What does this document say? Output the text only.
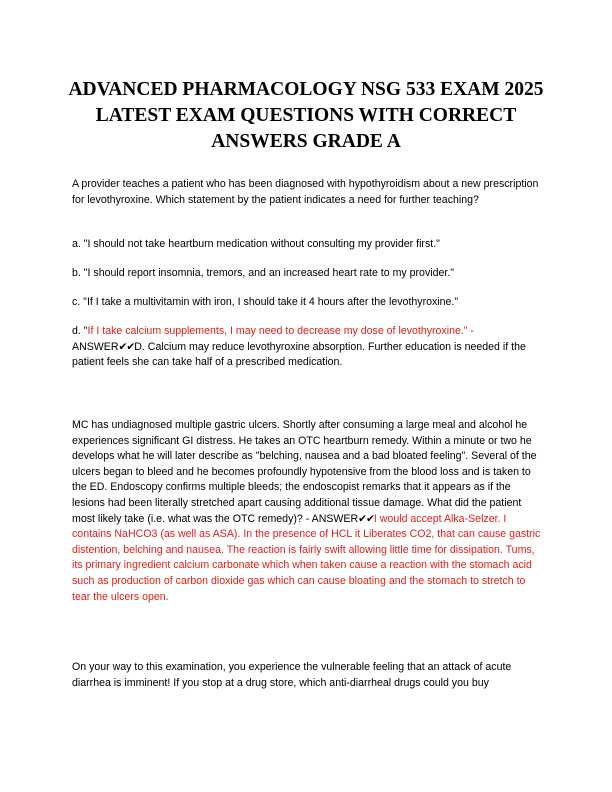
ADVANCED PHARMACOLOGY NSG 533 EXAM 2025 LATEST EXAM QUESTIONS WITH CORRECT ANSWERS GRADE A

A provider teaches a patient who has been diagnosed with hypothyroidism about a new prescription for levothyroxine. Which statement by the patient indicates a need for further teaching?

a. "I should not take heartburn medication without consulting my provider first."

b. "I should report insomnia, tremors, and an increased heart rate to my provider."

c. "If I take a multivitamin with iron, I should take it 4 hours after the levothyroxine."

d. "If I take calcium supplements, I may need to decrease my dose of levothyroxine." -
ANSWER✔✔D. Calcium may reduce levothyroxine absorption. Further education is needed if the patient feels she can take half of a prescribed medication.

MC has undiagnosed multiple gastric ulcers. Shortly after consuming a large meal and alcohol he experiences significant GI distress. He takes an OTC heartburn remedy. Within a minute or two he develops what he will later describe as "belching, nausea and a bad bloated feeling". Several of the ulcers began to bleed and he becomes profoundly hypotensive from the blood loss and is taken to the ED. Endoscopy confirms multiple bleeds; the endoscopist remarks that it appears as if the lesions had been literally stretched apart causing additional tissue damage. What did the patient most likely take (i.e. what was the OTC remedy)? - ANSWER✔✔I would accept Alka-Selzer. I contains NaHCO3 (as well as ASA). In the presence of HCL it Liberates CO2, that can cause gastric distention, belching and nausea. The reaction is fairly swift allowing little time for dissipation. Tums, its primary ingredient calcium carbonate which when taken cause a reaction with the stomach acid such as production of carbon dioxide gas which can cause bloating and the stomach to stretch to tear the ulcers open.

On your way to this examination, you experience the vulnerable feeling that an attack of acute diarrhea is imminent! If you stop at a drug store, which anti-diarrheal drugs could you buy
